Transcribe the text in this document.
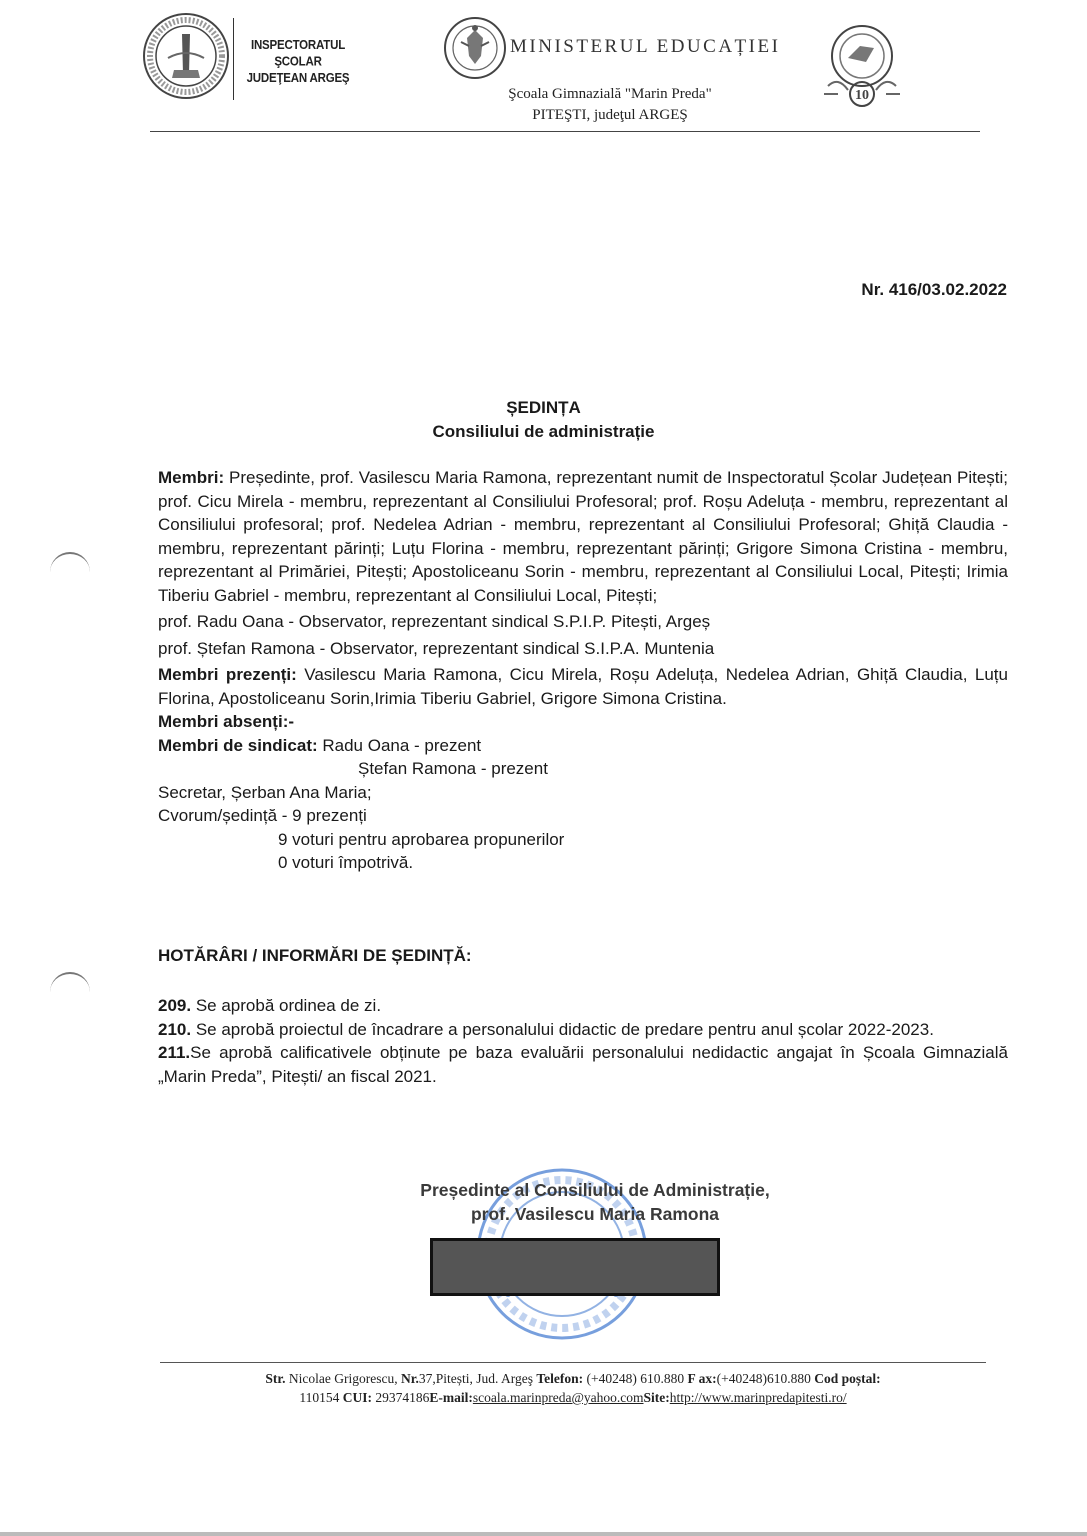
INSPECTORATUL ŞCOLAR
JUDEŢEAN ARGEŞ
MINISTERUL EDUCAȚIEI
Şcoala Gimnazială "Marin Preda"
PITEŞTI, judeţul ARGEŞ
10
Nr. 416/03.02.2022
ȘEDINȚA
Consiliului de administrație
Membri: Președinte, prof. Vasilescu Maria Ramona, reprezentant numit de Inspectoratul Școlar Județean Pitești; prof. Cicu Mirela - membru, reprezentant al Consiliului Profesoral; prof. Roșu Adeluța - membru, reprezentant al Consiliului profesoral; prof. Nedelea Adrian - membru, reprezentant al Consiliului Profesoral; Ghiță Claudia - membru, reprezentant părinți; Luțu Florina - membru, reprezentant părinți; Grigore Simona Cristina - membru, reprezentant al Primăriei, Pitești; Apostoliceanu Sorin - membru, reprezentant al Consiliului Local, Pitești; Irimia Tiberiu Gabriel - membru, reprezentant al Consiliului Local, Pitești;
prof. Radu Oana - Observator, reprezentant sindical S.P.I.P. Pitești, Argeș
prof. Ștefan Ramona - Observator, reprezentant sindical S.I.P.A. Muntenia
Membri prezenți: Vasilescu Maria Ramona, Cicu Mirela, Roșu Adeluța, Nedelea Adrian, Ghiță Claudia, Luțu Florina, Apostoliceanu Sorin,Irimia Tiberiu Gabriel, Grigore Simona Cristina.
Membri absenți:-
Membri de sindicat: Radu Oana - prezent
Ștefan Ramona - prezent
Secretar, Șerban Ana Maria;
Cvorum/ședință - 9 prezenți
9 voturi pentru aprobarea propunerilor
0 voturi împotrivă.
HOTĂRÂRI / INFORMĂRI DE ȘEDINȚĂ:
209. Se aprobă ordinea de zi.
210. Se aprobă proiectul de încadrare a personalului didactic de predare pentru anul școlar 2022-2023.
211.Se aprobă calificativele obținute pe baza evaluării personalului nedidactic angajat în Școala Gimnazială „Marin Preda”, Pitești/ an fiscal 2021.
Președinte al Consiliului de Administrație,
prof. Vasilescu Maria Ramona
Str. Nicolae Grigorescu, Nr.37,Pitești, Jud. Argeş Telefon: (+40248) 610.880 F ax:(+40248)610.880 Cod poștal:
110154 CUI: 29374186E-mail:scoala.marinpreda@yahoo.comSite:http://www.marinpredapitesti.ro/
